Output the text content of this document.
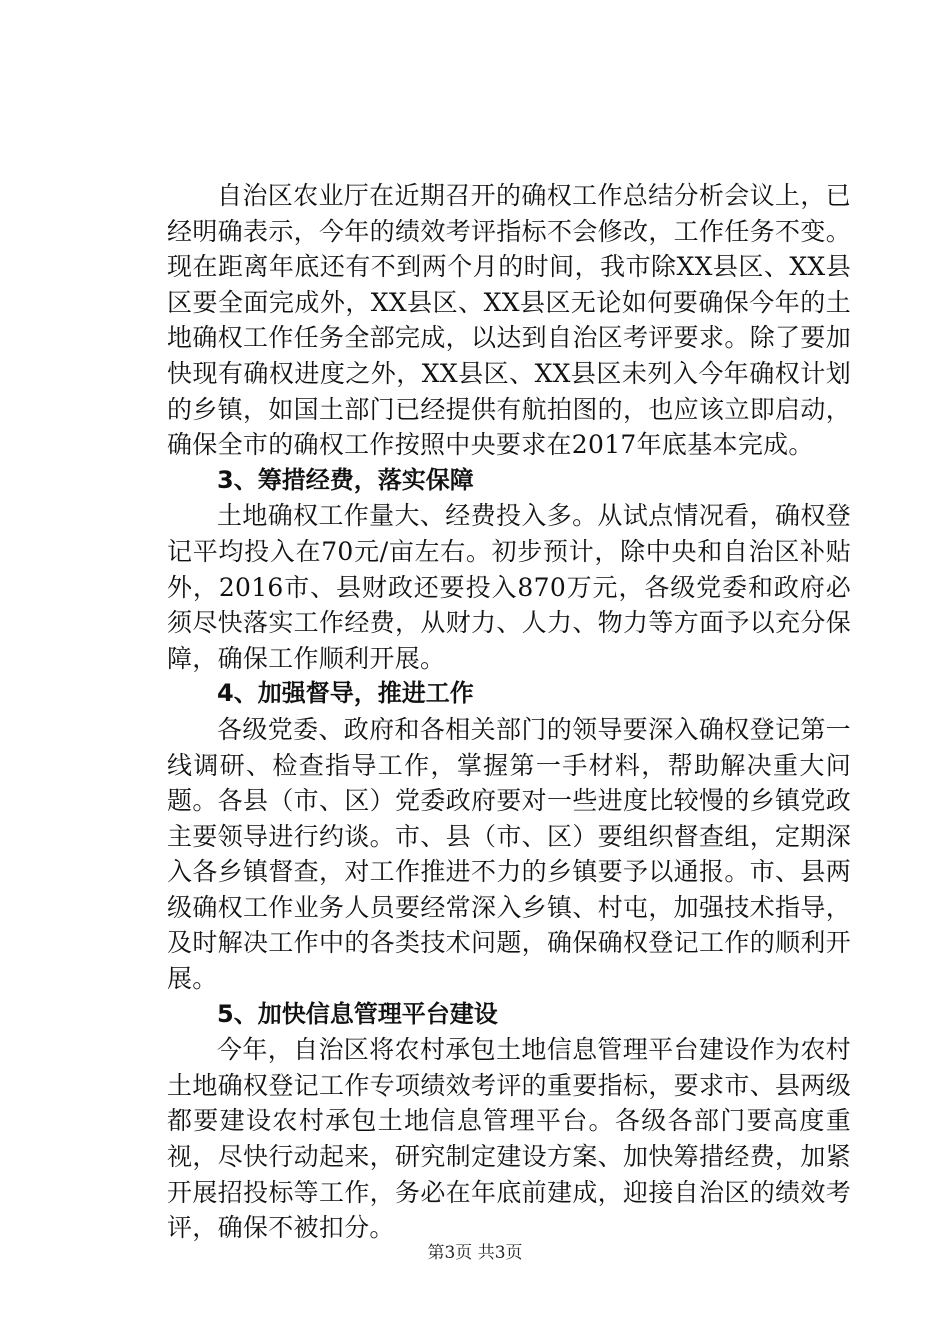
自治区农业厅在近期召开的确权工作总结分析会议上，已经明确表示，今年的绩效考评指标不会修改，工作任务不变。现在距离年底还有不到两个月的时间，我市除XX县区、XX县区要全面完成外，XX县区、XX县区无论如何要确保今年的土地确权工作任务全部完成，以达到自治区考评要求。除了要加快现有确权进度之外，XX县区、XX县区未列入今年确权计划的乡镇，如国土部门已经提供有航拍图的，也应该立即启动，确保全市的确权工作按照中央要求在2017年底基本完成。

3、筹措经费，落实保障

土地确权工作量大、经费投入多。从试点情况看，确权登记平均投入在70元/亩左右。初步预计，除中央和自治区补贴外，2016市、县财政还要投入870万元，各级党委和政府必须尽快落实工作经费，从财力、人力、物力等方面予以充分保障，确保工作顺利开展。

4、加强督导，推进工作

各级党委、政府和各相关部门的领导要深入确权登记第一线调研、检查指导工作，掌握第一手材料，帮助解决重大问题。各县（市、区）党委政府要对一些进度比较慢的乡镇党政主要领导进行约谈。市、县（市、区）要组织督查组，定期深入各乡镇督查，对工作推进不力的乡镇要予以通报。市、县两级确权工作业务人员要经常深入乡镇、村屯，加强技术指导，及时解决工作中的各类技术问题，确保确权登记工作的顺利开展。

5、加快信息管理平台建设

今年，自治区将农村承包土地信息管理平台建设作为农村土地确权登记工作专项绩效考评的重要指标，要求市、县两级都要建设农村承包土地信息管理平台。各级各部门要高度重视，尽快行动起来，研究制定建设方案、加快筹措经费，加紧开展招投标等工作，务必在年底前建成，迎接自治区的绩效考评，确保不被扣分。

第3页 共3页
